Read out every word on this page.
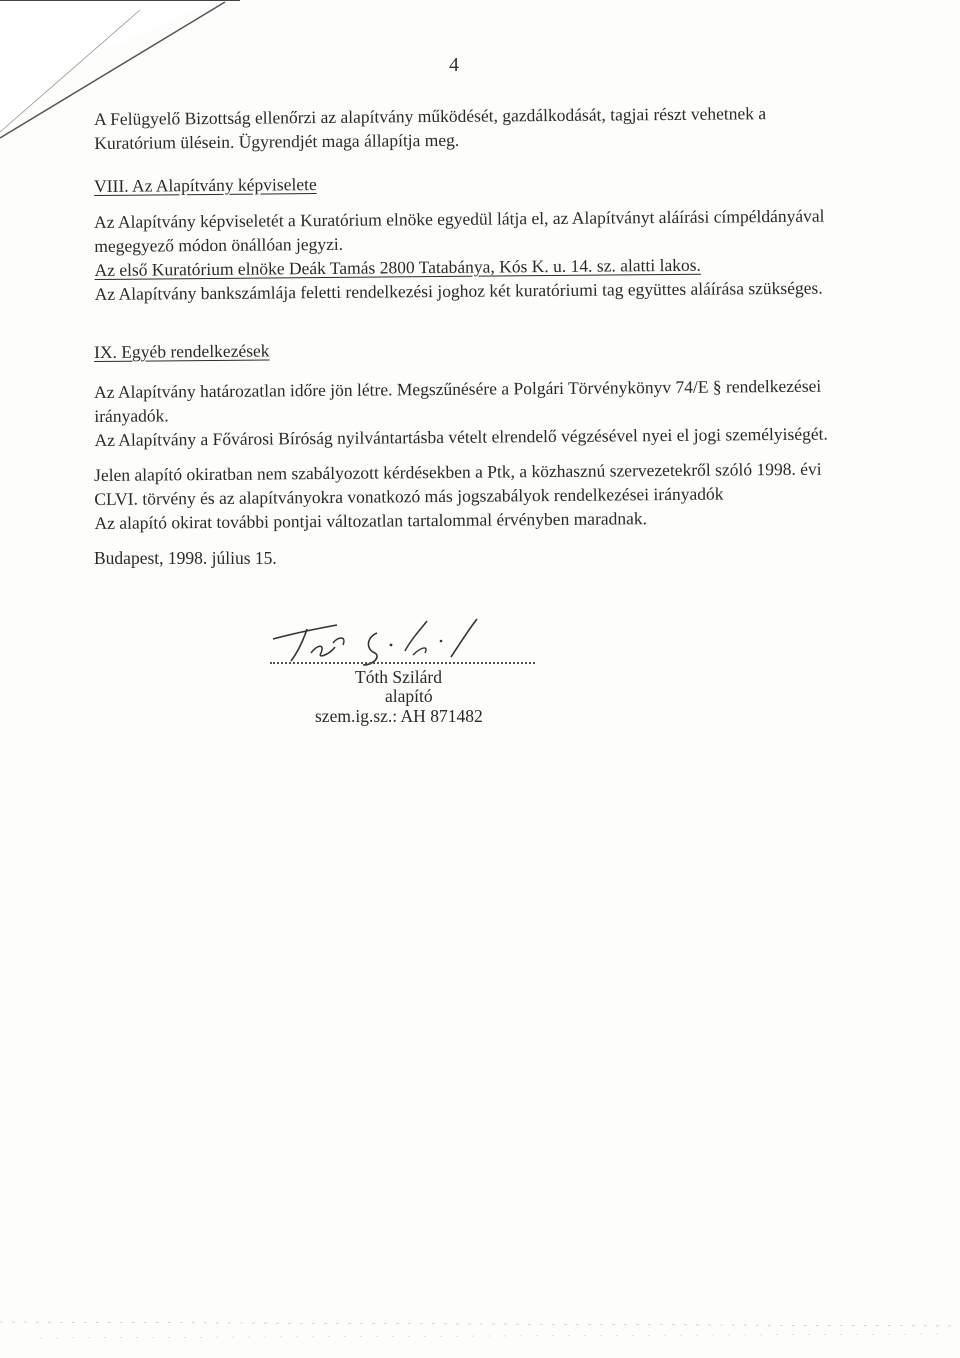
4
A Felügyelő Bizottság ellenőrzi az alapítvány működését, gazdálkodását, tagjai részt vehetnek a
Kuratórium ülésein. Ügyrendjét maga állapítja meg.
VIII. Az Alapítvány képviselete
Az Alapítvány képviseletét a Kuratórium elnöke egyedül látja el, az Alapítványt aláírási címpéldányával
megegyező módon önállóan jegyzi.
Az első Kuratórium elnöke Deák Tamás 2800 Tatabánya, Kós K. u. 14. sz. alatti lakos.
Az Alapítvány bankszámlája feletti rendelkezési joghoz két kuratóriumi tag együttes aláírása szükséges.
IX. Egyéb rendelkezések
Az Alapítvány határozatlan időre jön létre. Megszűnésére a Polgári Törvénykönyv 74/E § rendelkezései
irányadók.
Az Alapítvány a Fővárosi Bíróság nyilvántartásba vételt elrendelő végzésével nyei el jogi személyiségét.
Jelen alapító okiratban nem szabályozott kérdésekben a Ptk, a közhasznú szervezetekről szóló 1998. évi
CLVI. törvény és az alapítványokra vonatkozó más jogszabályok rendelkezései irányadók
Az alapító okirat további pontjai változatlan tartalommal érvényben maradnak.
Budapest, 1998. július 15.
Tóth Szilárd
alapító
szem.ig.sz.: AH 871482
